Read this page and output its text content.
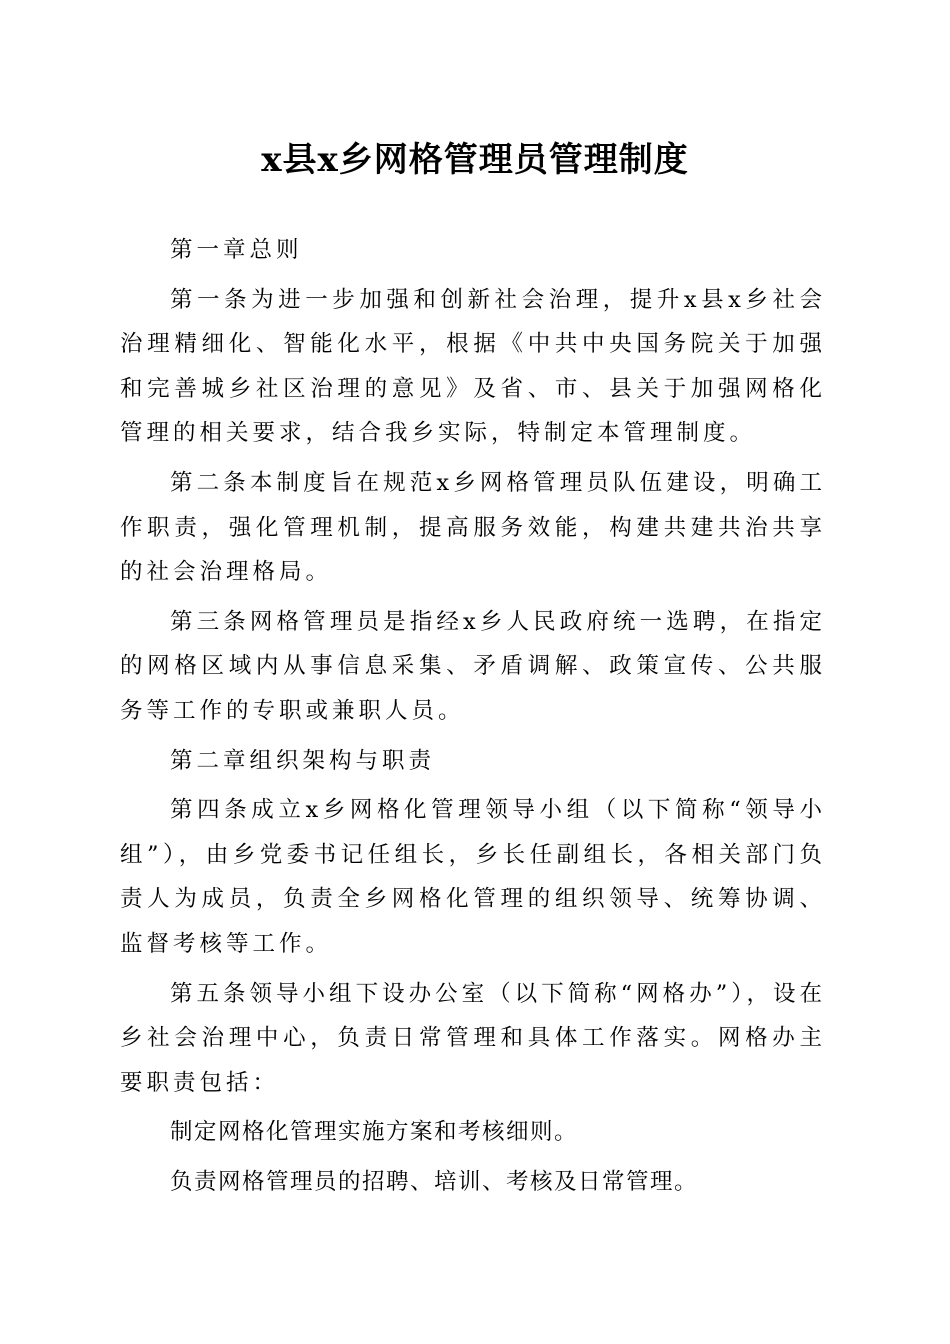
x县x乡网格管理员管理制度

第一章总则

第一条为进一步加强和创新社会治理，提升x县x乡社会治理精细化、智能化水平，根据《中共中央国务院关于加强和完善城乡社区治理的意见》及省、市、县关于加强网格化管理的相关要求，结合我乡实际，特制定本管理制度。

第二条本制度旨在规范x乡网格管理员队伍建设，明确工作职责，强化管理机制，提高服务效能，构建共建共治共享的社会治理格局。

第三条网格管理员是指经x乡人民政府统一选聘，在指定的网格区域内从事信息采集、矛盾调解、政策宣传、公共服务等工作的专职或兼职人员。

第二章组织架构与职责

第四条成立x乡网格化管理领导小组（以下简称“领导小组”），由乡党委书记任组长，乡长任副组长，各相关部门负责人为成员，负责全乡网格化管理的组织领导、统筹协调、监督考核等工作。

第五条领导小组下设办公室（以下简称“网格办”），设在乡社会治理中心，负责日常管理和具体工作落实。网格办主要职责包括：

制定网格化管理实施方案和考核细则。

负责网格管理员的招聘、培训、考核及日常管理。
